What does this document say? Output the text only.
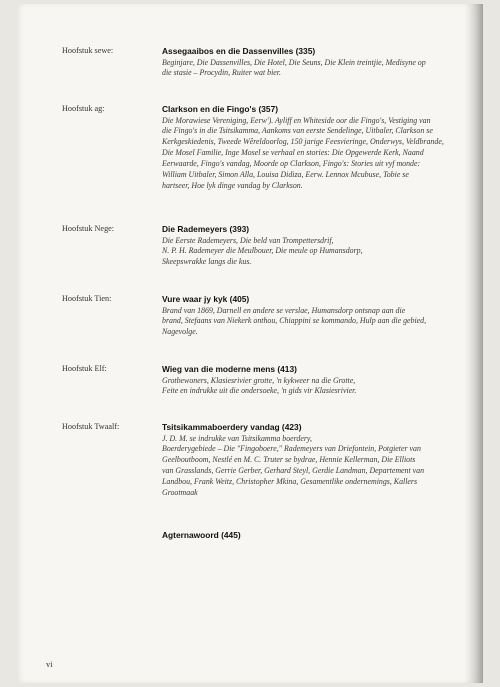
Hoofstuk sewe:	Assegaaibos en die Dassenvilles (335)
Beginjare, Die Dassenvilles, Die Hotel, Die Seuns, Die Klein treintjie, Medisyne op
die stasie – Procydin, Ruiter wat bier.
Hoofstuk ag:	Clarkson en die Fingo's (357)
Die Morawiese Vereniging, Eerw'). Ayliff en Whiteside oor die Fingo's, Vestiging van
die Fingo's in die Tsitsikamma, Aankoms van eerste Sendelinge, Uitbaler, Clarkson se
Kerkgeskiedenis, Tweede Wêreldoorlog, 150 jarige Feesvieringe, Onderwys, Veldbrande,
Die Mosel Familie, Inge Mosel se verhaal en stories: Die Opgewerde Kerk, Naand
Eerwaarde, Fingo's vandag, Moorde op Clarkson, Fingo's: Stories uit vyf monde:
William Uitbaler, Simon Alla, Louisa Didiza, Eerw. Lennox Mcubuse, Tobie se
hartseer, Hoe lyk dinge vandag by Clarkson.
Hoofstuk Nege:	Die Rademeyers (393)
Die Eerste Rademeyers, Die beld van Trompettersdrif,
N. P. H. Rademeyer die Meulbouer, Die meule op Humansdorp,
Skeepswrakke langs die kus.
Hoofstuk Tien:	Vure waar jy kyk (405)
Brand van 1869, Darnell en andere se verslae, Humansdorp ontsnap aan die
brand, Stefaans van Niekerk onthou, Chiappini se kommando, Hulp aan die gebied,
Nagevolge.
Hoofstuk Elf:	Wieg van die moderne mens (413)
Grotbewoners, Klasiesrivier grotte, 'n kykweer na die Grotte,
Feite en indrukke uit die ondersoeke, 'n gids vir Klasiesrivier.
Hoofstuk Twaalf:	Tsitsikammaboerdery vandag (423)
J. D. M. se indrukke van Tsitsikamma boerdery,
Boerderygebiede – Die "Fingoboere," Rademeyers van Driefontein, Potgieter van
Geelboutboom, Nestlé en M. C. Truter se bydrae, Hennie Kellerman, Die Elliots
van Grasslands, Gerrie Gerber, Gerhard Steyl, Gerdie Landman, Departement van
Landbou, Frank Weitz, Christopher Mkina, Gesamentlike ondernemings, Kallers
Grootmaak
Agternawoord (445)
vi
